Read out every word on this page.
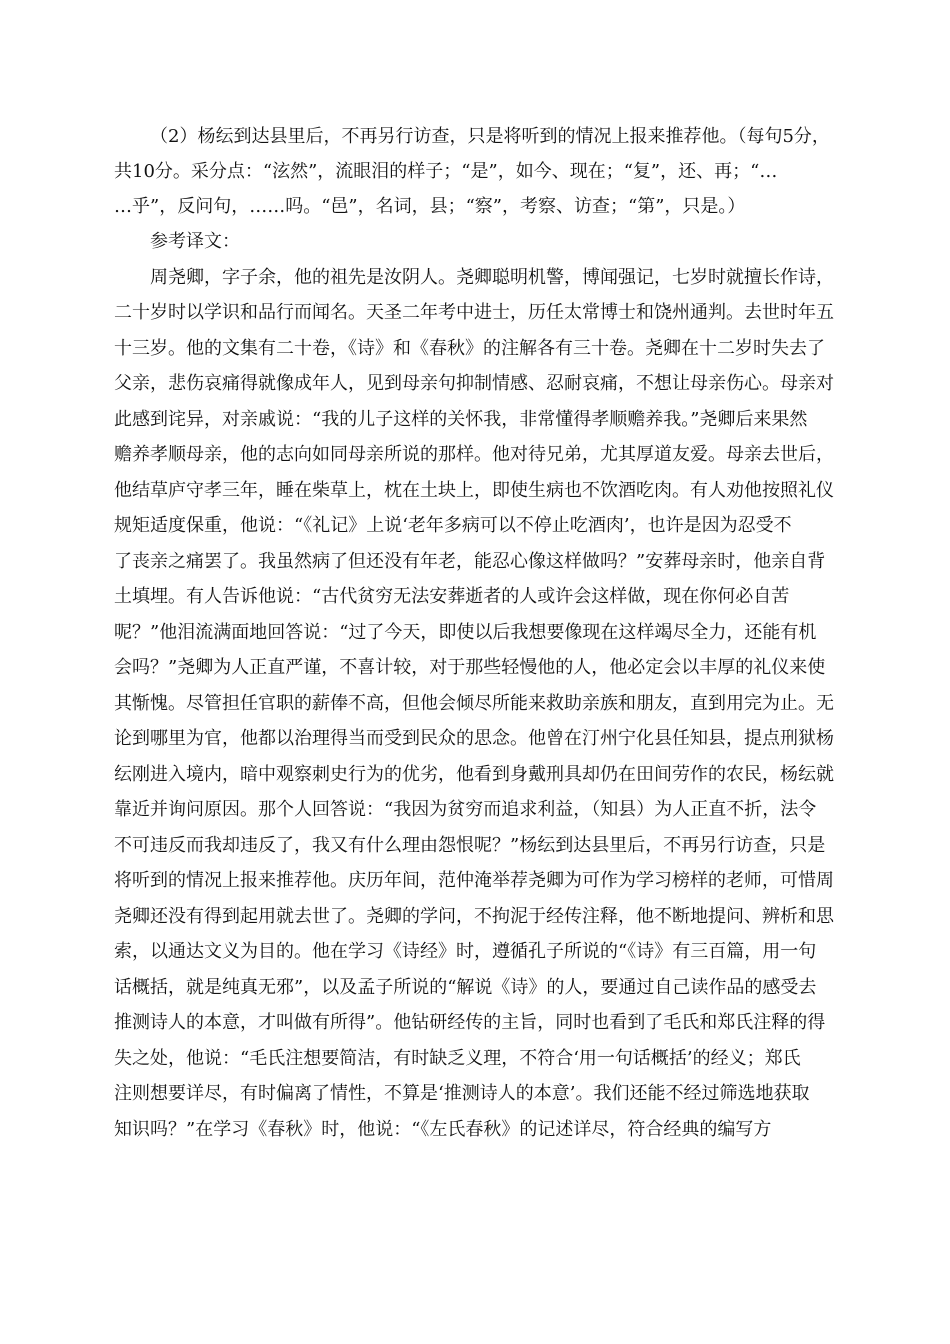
（2）杨纭到达县里后，不再另行访查，只是将听到的情况上报来推荐他。（每句5分，
共10分。采分点：“泫然”，流眼泪的样子；“是”，如今、现在；“复”，还、再；“…
…乎”，反问句，……吗。“邑”，名词，县；“察”，考察、访查；“第”，只是。）
参考译文：
周尧卿，字子余，他的祖先是汝阴人。尧卿聪明机警，博闻强记，七岁时就擅长作诗，
二十岁时以学识和品行而闻名。天圣二年考中进士，历任太常博士和饶州通判。去世时年五
十三岁。他的文集有二十卷，《诗》和《春秋》的注解各有三十卷。尧卿在十二岁时失去了
父亲，悲伤哀痛得就像成年人，见到母亲句抑制情感、忍耐哀痛，不想让母亲伤心。母亲对
此感到诧异，对亲戚说：“我的儿子这样的关怀我，非常懂得孝顺赡养我。”尧卿后来果然
赡养孝顺母亲，他的志向如同母亲所说的那样。他对待兄弟，尤其厚道友爱。母亲去世后，
他结草庐守孝三年，睡在柴草上，枕在土块上，即使生病也不饮酒吃肉。有人劝他按照礼仪
规矩适度保重，他说：“《礼记》上说‘老年多病可以不停止吃酒肉’，也许是因为忍受不
了丧亲之痛罢了。我虽然病了但还没有年老，能忍心像这样做吗？”安葬母亲时，他亲自背
土填埋。有人告诉他说：“古代贫穷无法安葬逝者的人或许会这样做，现在你何必自苦
呢？”他泪流满面地回答说：“过了今天，即使以后我想要像现在这样竭尽全力，还能有机
会吗？”尧卿为人正直严谨，不喜计较，对于那些轻慢他的人，他必定会以丰厚的礼仪来使
其惭愧。尽管担任官职的薪俸不高，但他会倾尽所能来救助亲族和朋友，直到用完为止。无
论到哪里为官，他都以治理得当而受到民众的思念。他曾在汀州宁化县任知县，提点刑狱杨
纭刚进入境内，暗中观察刺史行为的优劣，他看到身戴刑具却仍在田间劳作的农民，杨纭就
靠近并询问原因。那个人回答说：“我因为贫穷而追求利益，（知县）为人正直不折，法令
不可违反而我却违反了，我又有什么理由怨恨呢？”杨纭到达县里后，不再另行访查，只是
将听到的情况上报来推荐他。庆历年间，范仲淹举荐尧卿为可作为学习榜样的老师，可惜周
尧卿还没有得到起用就去世了。尧卿的学问，不拘泥于经传注释，他不断地提问、辨析和思
索，以通达文义为目的。他在学习《诗经》时，遵循孔子所说的“《诗》有三百篇，用一句
话概括，就是纯真无邪”，以及孟子所说的“解说《诗》的人，要通过自己读作品的感受去
推测诗人的本意，才叫做有所得”。他钻研经传的主旨，同时也看到了毛氏和郑氏注释的得
失之处，他说：“毛氏注想要简洁，有时缺乏义理，不符合‘用一句话概括’的经义；郑氏
注则想要详尽，有时偏离了情性，不算是‘推测诗人的本意’。我们还能不经过筛选地获取
知识吗？”在学习《春秋》时，他说：“《左氏春秋》的记述详尽，符合经典的编写方
